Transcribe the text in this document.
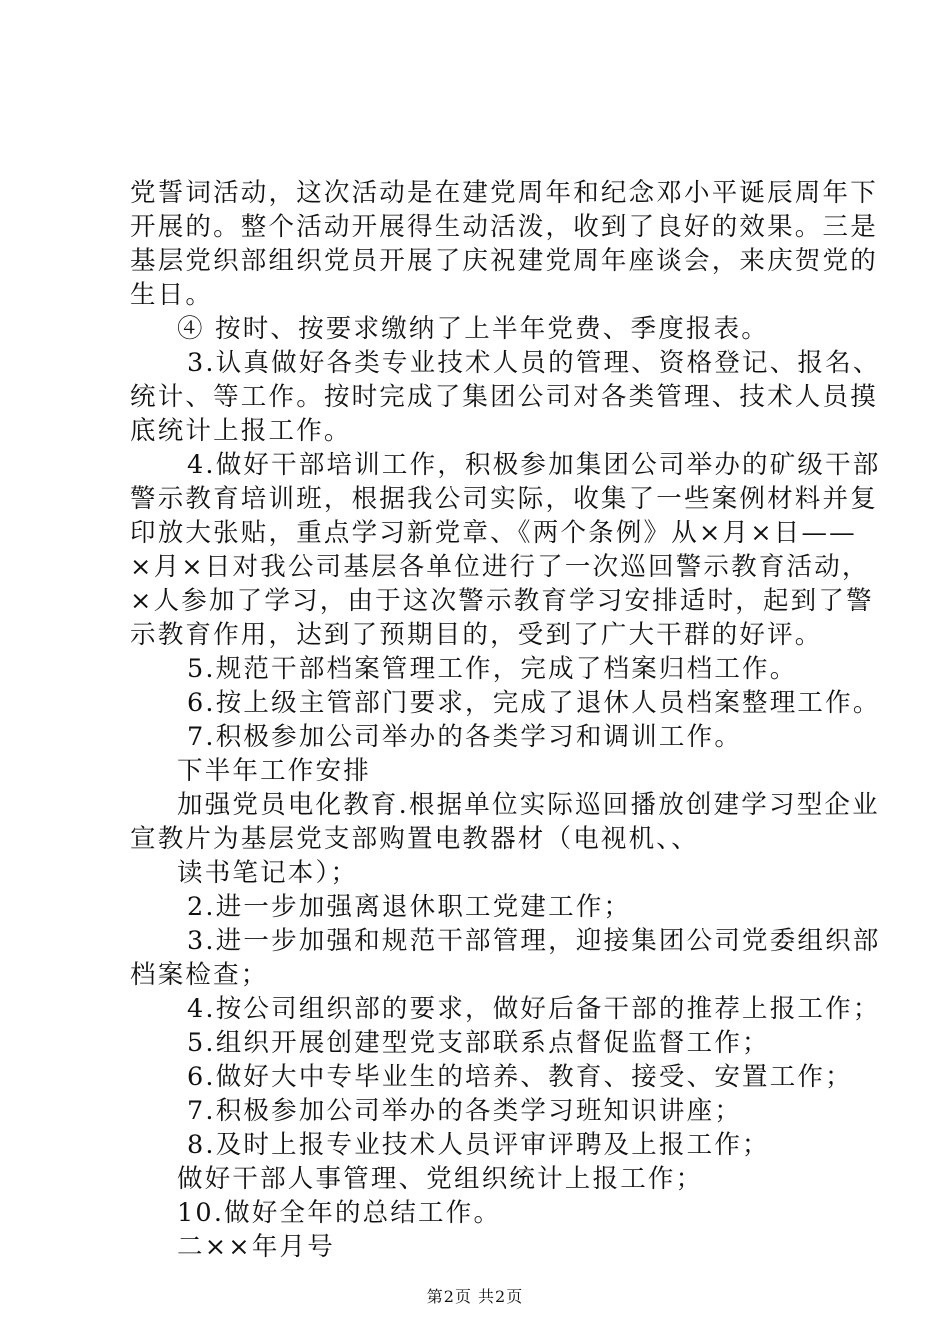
党誓词活动，这次活动是在建党周年和纪念邓小平诞辰周年下
开展的。整个活动开展得生动活泼，收到了良好的效果。三是
基层党织部组织党员开展了庆祝建党周年座谈会，来庆贺党的
生日。
④ 按时、按要求缴纳了上半年党费、季度报表。
3.认真做好各类专业技术人员的管理、资格登记、报名、
统计、等工作。按时完成了集团公司对各类管理、技术人员摸
底统计上报工作。
4.做好干部培训工作，积极参加集团公司举办的矿级干部
警示教育培训班，根据我公司实际，收集了一些案例材料并复
印放大张贴，重点学习新党章、《两个条例》从×月×日——
×月×日对我公司基层各单位进行了一次巡回警示教育活动，
×人参加了学习，由于这次警示教育学习安排适时，起到了警
示教育作用，达到了预期目的，受到了广大干群的好评。
5.规范干部档案管理工作，完成了档案归档工作。
6.按上级主管部门要求，完成了退休人员档案整理工作。
7.积极参加公司举办的各类学习和调训工作。
下半年工作安排
加强党员电化教育.根据单位实际巡回播放创建学习型企业
宣教片为基层党支部购置电教器材（电视机、、
读书笔记本）；
2.进一步加强离退休职工党建工作；
3.进一步加强和规范干部管理，迎接集团公司党委组织部
档案检查；
4.按公司组织部的要求，做好后备干部的推荐上报工作；
5.组织开展创建型党支部联系点督促监督工作；
6.做好大中专毕业生的培养、教育、接受、安置工作；
7.积极参加公司举办的各类学习班知识讲座；
8.及时上报专业技术人员评审评聘及上报工作；
做好干部人事管理、党组织统计上报工作；
10.做好全年的总结工作。
二××年月号
第2页 共2页
